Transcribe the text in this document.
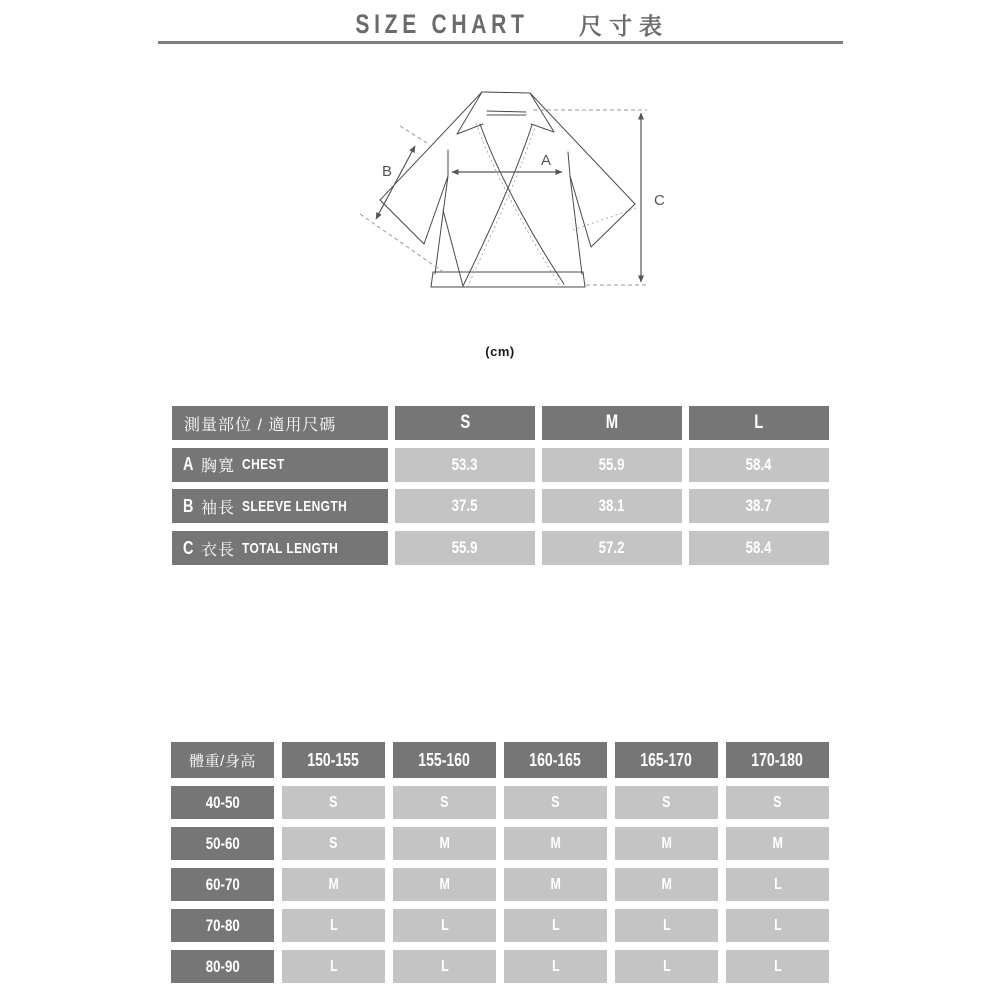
SIZE CHART 尺寸表
A
B
C
(cm)
測量部位 / 適用尺碼	S	M	L
A 胸寬 CHEST	53.3	55.9	58.4
B 袖長 SLEEVE LENGTH	37.5	38.1	38.7
C 衣長 TOTAL LENGTH	55.9	57.2	58.4
體重/身高	150-155	155-160	160-165	165-170	170-180
40-50	S	S	S	S	S
50-60	S	M	M	M	M
60-70	M	M	M	M	L
70-80	L	L	L	L	L
80-90	L	L	L	L	L
